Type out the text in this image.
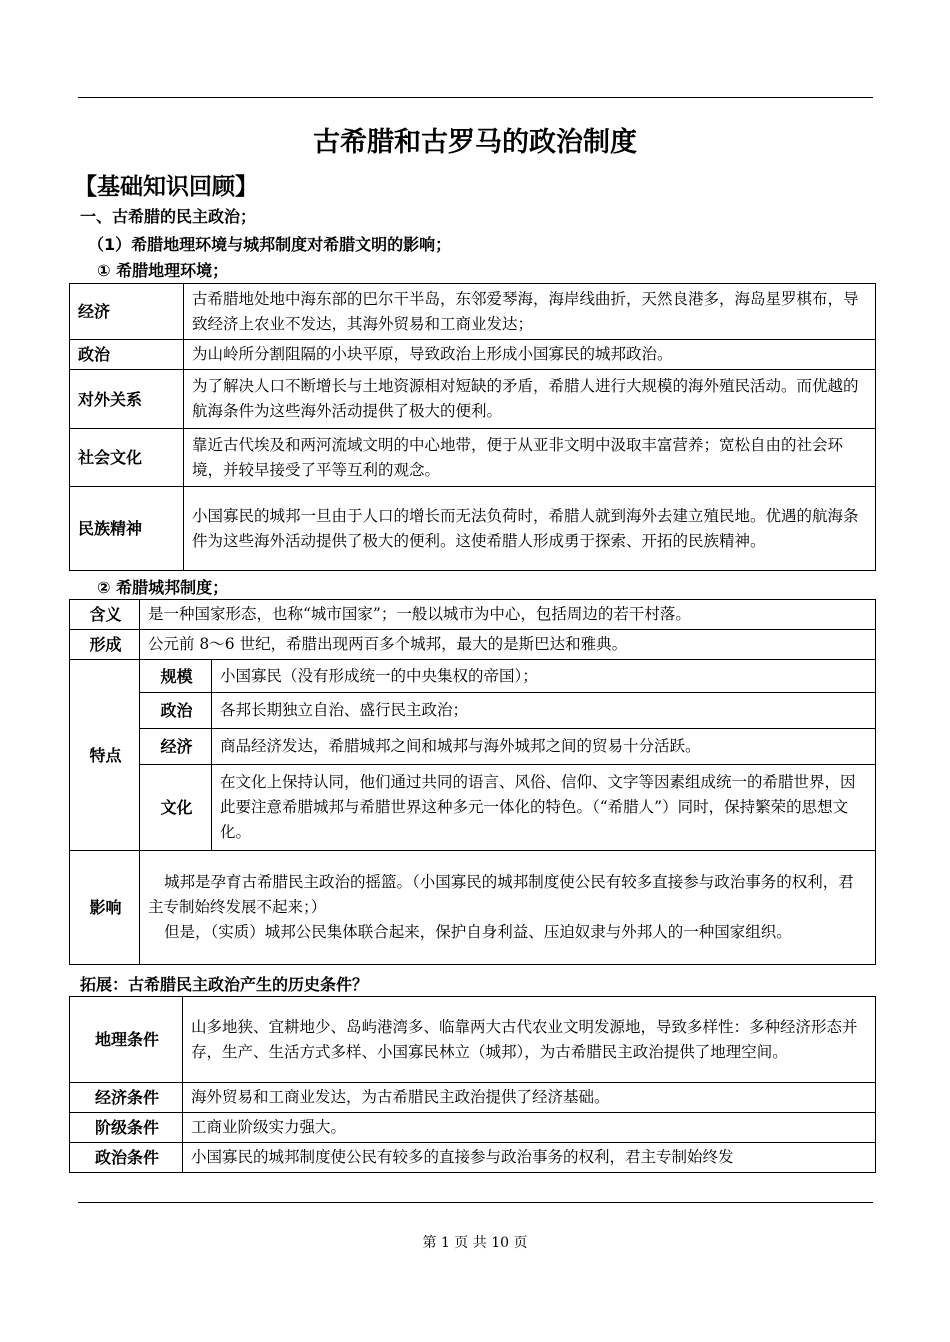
古希腊和古罗马的政治制度
【基础知识回顾】
一、古希腊的民主政治；
（1）希腊地理环境与城邦制度对希腊文明的影响；
① 希腊地理环境；
经济	古希腊地处地中海东部的巴尔干半岛，东邻爱琴海，海岸线曲折，天然良港多，海岛星罗棋布，导致经济上农业不发达，其海外贸易和工商业发达；
政治	为山岭所分割阻隔的小块平原，导致政治上形成小国寡民的城邦政治。
对外关系	为了解决人口不断增长与土地资源相对短缺的矛盾，希腊人进行大规模的海外殖民活动。而优越的航海条件为这些海外活动提供了极大的便利。
社会文化	靠近古代埃及和两河流域文明的中心地带，便于从亚非文明中汲取丰富营养；宽松自由的社会环境，并较早接受了平等互利的观念。
民族精神	小国寡民的城邦一旦由于人口的增长而无法负荷时，希腊人就到海外去建立殖民地。优遇的航海条件为这些海外活动提供了极大的便利。这使希腊人形成勇于探索、开拓的民族精神。
② 希腊城邦制度；
含义	是一种国家形态，也称“城市国家”；一般以城市为中心，包括周边的若干村落。	
形成	公元前 8～6 世纪，希腊出现两百多个城邦，最大的是斯巴达和雅典。	
特点	规模	小国寡民（没有形成统一的中央集权的帝国）；
	政治	各邦长期独立自治、盛行民主政治；
	经济	商品经济发达，希腊城邦之间和城邦与海外城邦之间的贸易十分活跃。
	文化	在文化上保持认同，他们通过共同的语言、风俗、信仰、文字等因素组成统一的希腊世界，因此要注意希腊城邦与希腊世界这种多元一体化的特色。（“希腊人”）同时，保持繁荣的思想文化。
影响	城邦是孕育古希腊民主政治的摇篮。（小国寡民的城邦制度使公民有较多直接参与政治事务的权利，君主专制始终发展不起来；）
但是，（实质）城邦公民集体联合起来，保护自身利益、压迫奴隶与外邦人的一种国家组织。	
拓展：古希腊民主政治产生的历史条件？
地理条件	山多地狭、宜耕地少、岛屿港湾多、临靠两大古代农业文明发源地，导致多样性：多种经济形态并存，生产、生活方式多样、小国寡民林立（城邦），为古希腊民主政治提供了地理空间。
经济条件	海外贸易和工商业发达，为古希腊民主政治提供了经济基础。
阶级条件	工商业阶级实力强大。
政治条件	小国寡民的城邦制度使公民有较多的直接参与政治事务的权利，君主专制始终发
第 1 页 共 10 页
